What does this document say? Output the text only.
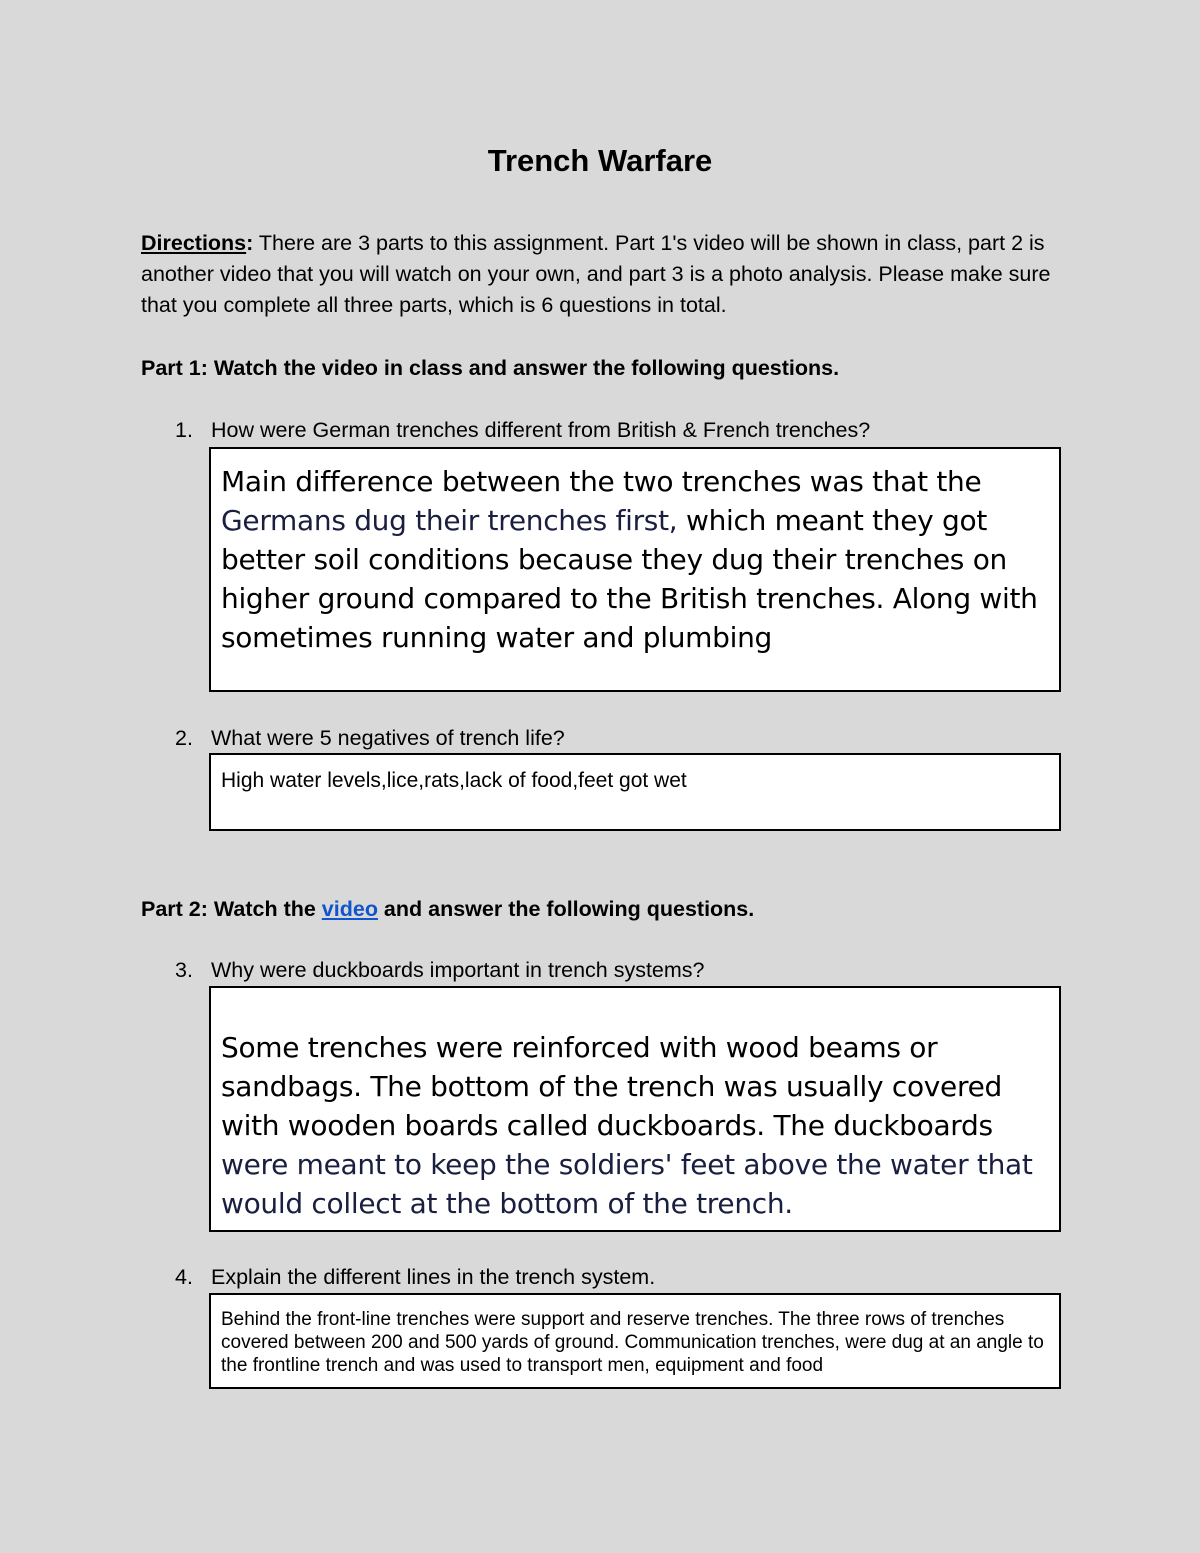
Trench Warfare
Directions: There are 3 parts to this assignment. Part 1's video will be shown in class, part 2 is another video that you will watch on your own, and part 3 is a photo analysis. Please make sure that you complete all three parts, which is 6 questions in total.
Part 1: Watch the video in class and answer the following questions.
1. How were German trenches different from British & French trenches?
Main difference between the two trenches was that the Germans dug their trenches first, which meant they got better soil conditions because they dug their trenches on higher ground compared to the British trenches. Along with sometimes running water and plumbing
2. What were 5 negatives of trench life?
High water levels,lice,rats,lack of food,feet got wet
Part 2: Watch the video and answer the following questions.
3. Why were duckboards important in trench systems?
Some trenches were reinforced with wood beams or sandbags. The bottom of the trench was usually covered with wooden boards called duckboards. The duckboards were meant to keep the soldiers' feet above the water that would collect at the bottom of the trench.
4. Explain the different lines in the trench system.
Behind the front-line trenches were support and reserve trenches. The three rows of trenches covered between 200 and 500 yards of ground. Communication trenches, were dug at an angle to the frontline trench and was used to transport men, equipment and food
